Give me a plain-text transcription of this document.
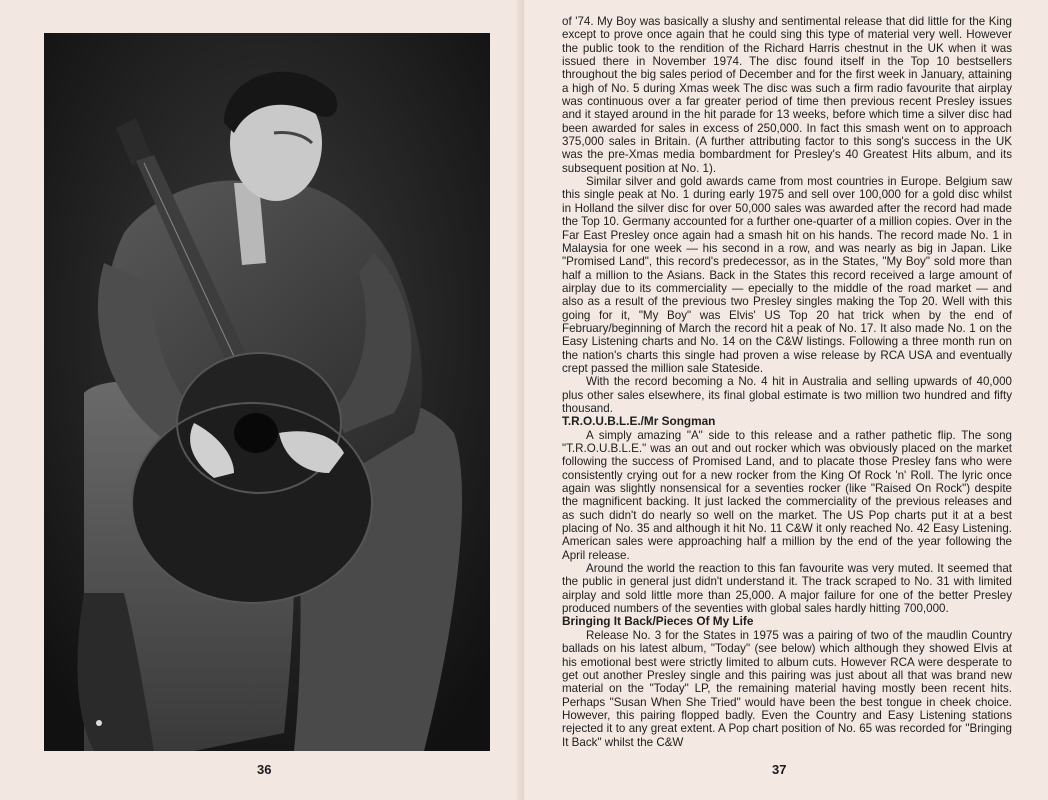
36	37

of '74. My Boy was basically a slushy and sentimental release that did little for the King except to prove once again that he could sing this type of material very well. However the public took to the rendition of the Richard Harris chestnut in the UK when it was issued there in November 1974. The disc found itself in the Top 10 bestsellers throughout the big sales period of December and for the first week in January, attaining a high of No. 5 during Xmas week The disc was such a firm radio favourite that airplay was continuous over a far greater period of time then previous recent Presley issues and it stayed around in the hit parade for 13 weeks, before which time a silver disc had been awarded for sales in excess of 250,000. In fact this smash went on to approach 375,000 sales in Britain. (A further attributing factor to this song's success in the UK was the pre-Xmas media bombardment for Presley's 40 Greatest Hits album, and its subsequent position at No. 1).

Similar silver and gold awards came from most countries in Europe. Belgium saw this single peak at No. 1 during early 1975 and sell over 100,000 for a gold disc whilst in Holland the silver disc for over 50,000 sales was awarded after the record had made the Top 10. Germany accounted for a further one-quarter of a million copies. Over in the Far East Presley once again had a smash hit on his hands. The record made No. 1 in Malaysia for one week — his second in a row, and was nearly as big in Japan. Like "Promised Land", this record's predecessor, as in the States, "My Boy" sold more than half a million to the Asians. Back in the States this record received a large amount of airplay due to its commerciality — epecially to the middle of the road market — and also as a result of the previous two Presley singles making the Top 20. Well with this going for it, "My Boy" was Elvis' US Top 20 hat trick when by the end of February/beginning of March the record hit a peak of No. 17. It also made No. 1 on the Easy Listening charts and No. 14 on the C&W listings. Following a three month run on the nation's charts this single had proven a wise release by RCA USA and eventually crept passed the million sale Stateside.

With the record becoming a No. 4 hit in Australia and selling upwards of 40,000 plus other sales elsewhere, its final global estimate is two million two hundred and fifty thousand.

T.R.O.U.B.L.E./Mr Songman

A simply amazing "A" side to this release and a rather pathetic flip. The song "T.R.O.U.B.L.E." was an out and out rocker which was obviously placed on the market following the success of Promised Land, and to placate those Presley fans who were consistently crying out for a new rocker from the King Of Rock 'n' Roll. The lyric once again was slightly nonsensical for a seventies rocker (like "Raised On Rock") despite the magnificent backing. It just lacked the commerciality of the previous releases and as such didn't do nearly so well on the market. The US Pop charts put it at a best placing of No. 35 and although it hit No. 11 C&W it only reached No. 42 Easy Listening. American sales were approaching half a million by the end of the year following the April release.

Around the world the reaction to this fan favourite was very muted. It seemed that the public in general just didn't understand it. The track scraped to No. 31 with limited airplay and sold little more than 25,000. A major failure for one of the better Presley produced numbers of the seventies with global sales hardly hitting 700,000.

Bringing It Back/Pieces Of My Life

Release No. 3 for the States in 1975 was a pairing of two of the maudlin Country ballads on his latest album, "Today" (see below) which although they showed Elvis at his emotional best were strictly limited to album cuts. However RCA were desperate to get out another Presley single and this pairing was just about all that was brand new material on the "Today" LP, the remaining material having mostly been recent hits. Perhaps "Susan When She Tried" would have been the best tongue in cheek choice. However, this pairing flopped badly. Even the Country and Easy Listening stations rejected it to any great extent. A Pop chart position of No. 65 was recorded for "Bringing It Back" whilst the C&W
